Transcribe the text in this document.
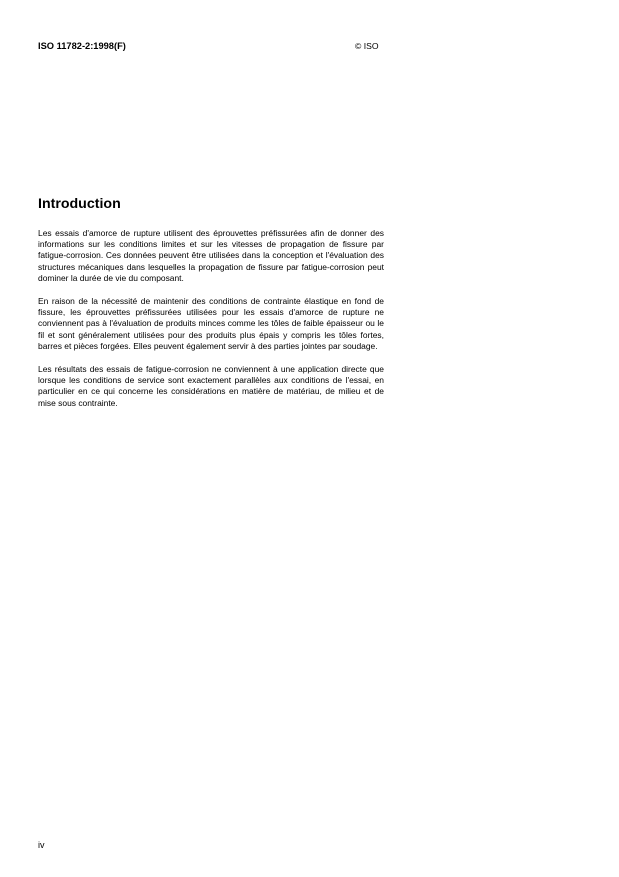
ISO 11782-2:1998(F)	© ISO
Introduction

Les essais d'amorce de rupture utilisent des éprouvettes préfissurées afin de donner des informations sur les conditions limites et sur les vitesses de propagation de fissure par fatigue-corrosion. Ces données peuvent être utilisées dans la conception et l'évaluation des structures mécaniques dans lesquelles la propagation de fissure par fatigue-corrosion peut dominer la durée de vie du composant.

En raison de la nécessité de maintenir des conditions de contrainte élastique en fond de fissure, les éprouvettes préfissurées utilisées pour les essais d'amorce de rupture ne conviennent pas à l'évaluation de produits minces comme les tôles de faible épaisseur ou le fil et sont généralement utilisées pour des produits plus épais y compris les tôles fortes, barres et pièces forgées. Elles peuvent également servir à des parties jointes par soudage.

Les résultats des essais de fatigue-corrosion ne conviennent à une application directe que lorsque les conditions de service sont exactement parallèles aux conditions de l'essai, en particulier en ce qui concerne les considérations en matière de matériau, de milieu et de mise sous contrainte.

iv
